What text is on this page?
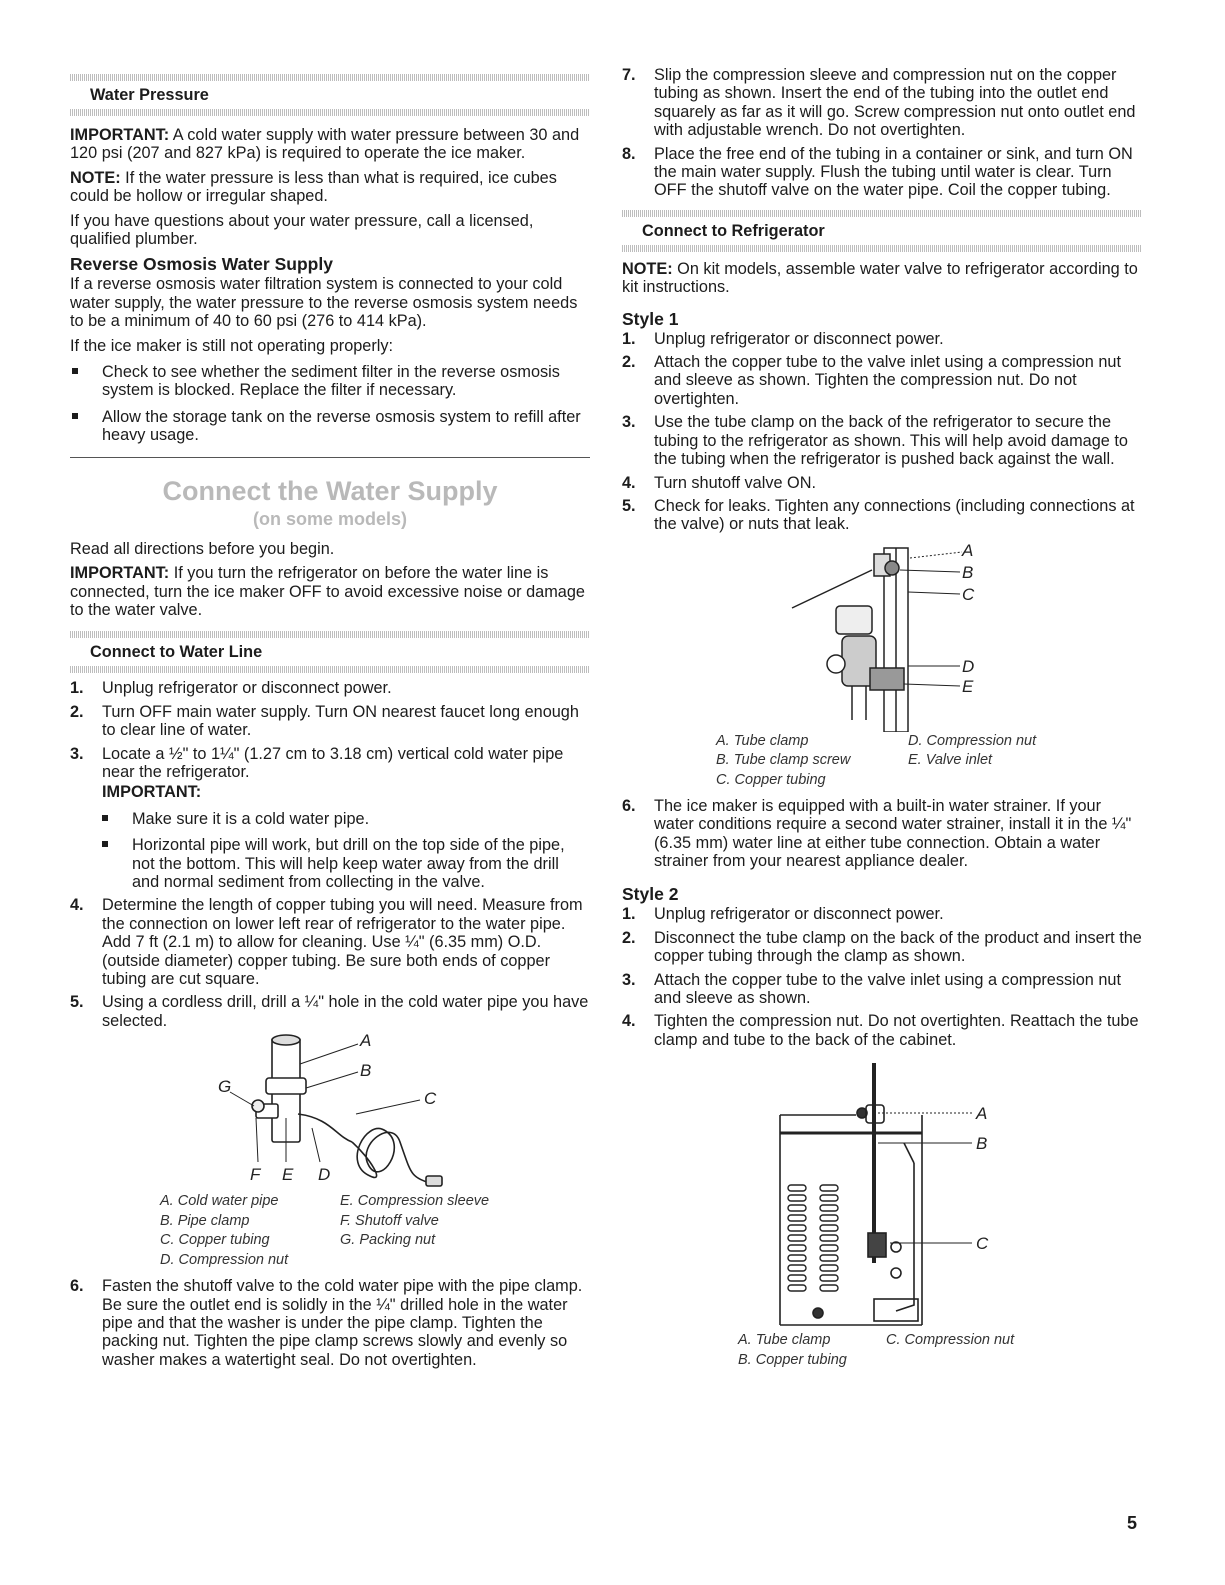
Water Pressure

IMPORTANT: A cold water supply with water pressure between 30 and 120 psi (207 and 827 kPa) is required to operate the ice maker.

NOTE: If the water pressure is less than what is required, ice cubes could be hollow or irregular shaped.

If you have questions about your water pressure, call a licensed, qualified plumber.

Reverse Osmosis Water Supply

If a reverse osmosis water filtration system is connected to your cold water supply, the water pressure to the reverse osmosis system needs to be a minimum of 40 to 60 psi (276 to 414 kPa).

If the ice maker is still not operating properly:

Check to see whether the sediment filter in the reverse osmosis system is blocked. Replace the filter if necessary.
Allow the storage tank on the reverse osmosis system to refill after heavy usage.
Connect the Water Supply
(on some models)

Read all directions before you begin.

IMPORTANT: If you turn the refrigerator on before the water line is connected, turn the ice maker OFF to avoid excessive noise or damage to the water valve.

Connect to Water Line
1. Unplug refrigerator or disconnect power.
2. Turn OFF main water supply. Turn ON nearest faucet long enough to clear line of water.
3. Locate a ½" to 1¼" (1.27 cm to 3.18 cm) vertical cold water pipe near the refrigerator.
IMPORTANT:
Make sure it is a cold water pipe.
Horizontal pipe will work, but drill on the top side of the pipe, not the bottom. This will help keep water away from the drill and normal sediment from collecting in the valve.
4. Determine the length of copper tubing you will need. Measure from the connection on lower left rear of refrigerator to the water pipe. Add 7 ft (2.1 m) to allow for cleaning. Use ¼" (6.35 mm) O.D. (outside diameter) copper tubing. Be sure both ends of copper tubing are cut square.
5. Using a cordless drill, drill a ¼" hole in the cold water pipe you have selected.
A
B
C
D
E
F
G
A. Cold water pipe
B. Pipe clamp
C. Copper tubing
D. Compression nut
E. Compression sleeve
F. Shutoff valve
G. Packing nut
6. Fasten the shutoff valve to the cold water pipe with the pipe clamp. Be sure the outlet end is solidly in the ¼" drilled hole in the water pipe and that the washer is under the pipe clamp. Tighten the packing nut. Tighten the pipe clamp screws slowly and evenly so washer makes a watertight seal. Do not overtighten.
7. Slip the compression sleeve and compression nut on the copper tubing as shown. Insert the end of the tubing into the outlet end squarely as far as it will go. Screw compression nut onto outlet end with adjustable wrench. Do not overtighten.
8. Place the free end of the tubing in a container or sink, and turn ON the main water supply. Flush the tubing until water is clear. Turn OFF the shutoff valve on the water pipe. Coil the copper tubing.
Connect to Refrigerator

NOTE: On kit models, assemble water valve to refrigerator according to kit instructions.

Style 1
1. Unplug refrigerator or disconnect power.
2. Attach the copper tube to the valve inlet using a compression nut and sleeve as shown. Tighten the compression nut. Do not overtighten.
3. Use the tube clamp on the back of the refrigerator to secure the tubing to the refrigerator as shown. This will help avoid damage to the tubing when the refrigerator is pushed back against the wall.
4. Turn shutoff valve ON.
5. Check for leaks. Tighten any connections (including connections at the valve) or nuts that leak.
A
B
C
D
E
A. Tube clamp
B. Tube clamp screw
C. Copper tubing
D. Compression nut
E. Valve inlet
6. The ice maker is equipped with a built-in water strainer. If your water conditions require a second water strainer, install it in the ¼" (6.35 mm) water line at either tube connection. Obtain a water strainer from your nearest appliance dealer.
Style 2
1. Unplug refrigerator or disconnect power.
2. Disconnect the tube clamp on the back of the product and insert the copper tubing through the clamp as shown.
3. Attach the copper tube to the valve inlet using a compression nut and sleeve as shown.
4. Tighten the compression nut. Do not overtighten. Reattach the tube clamp and tube to the back of the cabinet.
A
B
C
A. Tube clamp
B. Copper tubing
C. Compression nut
5
